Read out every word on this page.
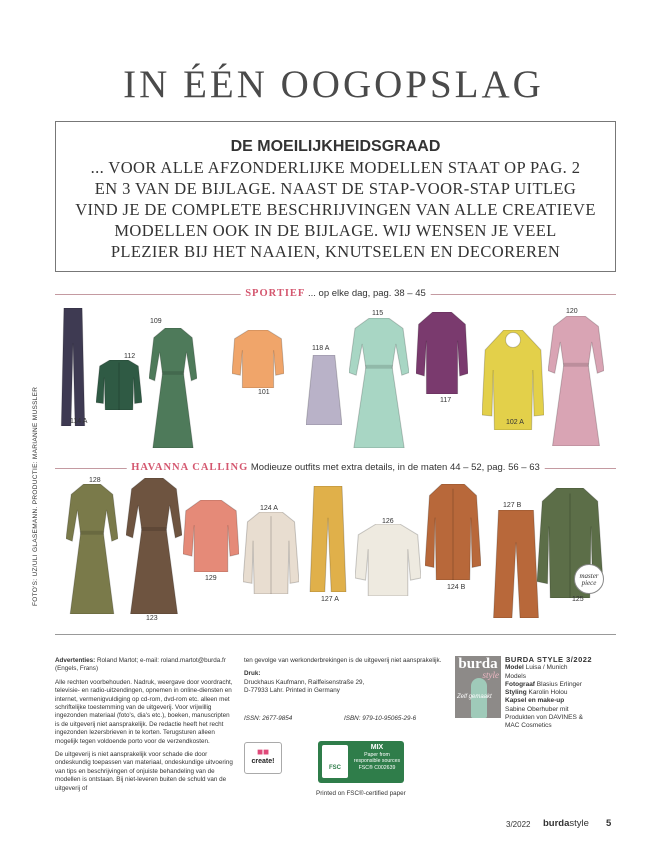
IN ÉÉN OOGOPSLAG
DE MOEILIJKHEIDSGRAAD
... VOOR ALLE AFZONDERLIJKE MODELLEN STAAT OP PAG. 2
EN 3 VAN DE BIJLAGE. NAAST DE STAP-VOOR-STAP UITLEG
VIND JE DE COMPLETE BESCHRIJVINGEN VAN ALLE CREATIEVE
MODELLEN OOK IN DE BIJLAGE. WIJ WENSEN JE VEEL
PLEZIER BIJ HET NAAIEN, KNUTSELEN EN DECOREREN
SPORTIEF ... op elke dag, pag. 38 – 45
HAVANNA CALLING Modieuze outfits met extra details, in de maten 44 – 52, pag. 56 – 63
114 A
112
109
101
118 A
115
117
102 A
120
128
123
129
124 A
127 A
126
124 B
127 B
125
master piece
FOTO'S: UZ/ULI GLASEMANN. PRODUCTIE: MARIANNE MUSSLER

Advertenties: Roland Martot; e-mail: roland.martot@burda.fr (Engels, Frans)

Alle rechten voorbehouden. Nadruk, weergave door voordracht, televisie- en radio-uitzendingen, opnemen in online-diensten en internet, vermenigvuldiging op cd-rom, dvd-rom etc. alleen met schriftelijke toestemming van de uitgeverij. Voor vrijwillig ingezonden materiaal (foto's, dia's etc.), boeken, manuscripten is de uitgeverij niet aansprakelijk. De redactie heeft het recht ingezonden lezersbrieven in te korten. Terugsturen alleen mogelijk tegen voldoende porto voor de verzendkosten.

De uitgeverij is niet aansprakelijk voor schade die door ondeskundig toepassen van materiaal, ondeskundige uitvoering van tips en beschrijvingen of onjuiste behandeling van de modellen is ontstaan. Bij niet-leveren buiten de schuld van de uitgeverij of

ten gevolge van werkonderbrekingen is de uitgeverij niet aansprakelijk.

Druk:
Druckhaus Kaufmann, Raiffeisenstraße 29,
D-77933 Lahr. Printed in Germany
ISSN: 2677-9854	ISBN: 979-10-95065-29-6
■■
create!
FSC
MIX
Paper from
responsible sources
FSC® C002639
Printed on FSC®-certified paper
burda
style
Zelf gemaakt
BURDA STYLE 3/2022
Model Luisa / Munich
Models
Fotograaf Blasius Erlinger
Styling Karolin Holou
Kapsel en make-up
Sabine Oberhuber mit
Produkten von DAVINES &
MAC Cosmetics
3/2022 burdastyle 5
